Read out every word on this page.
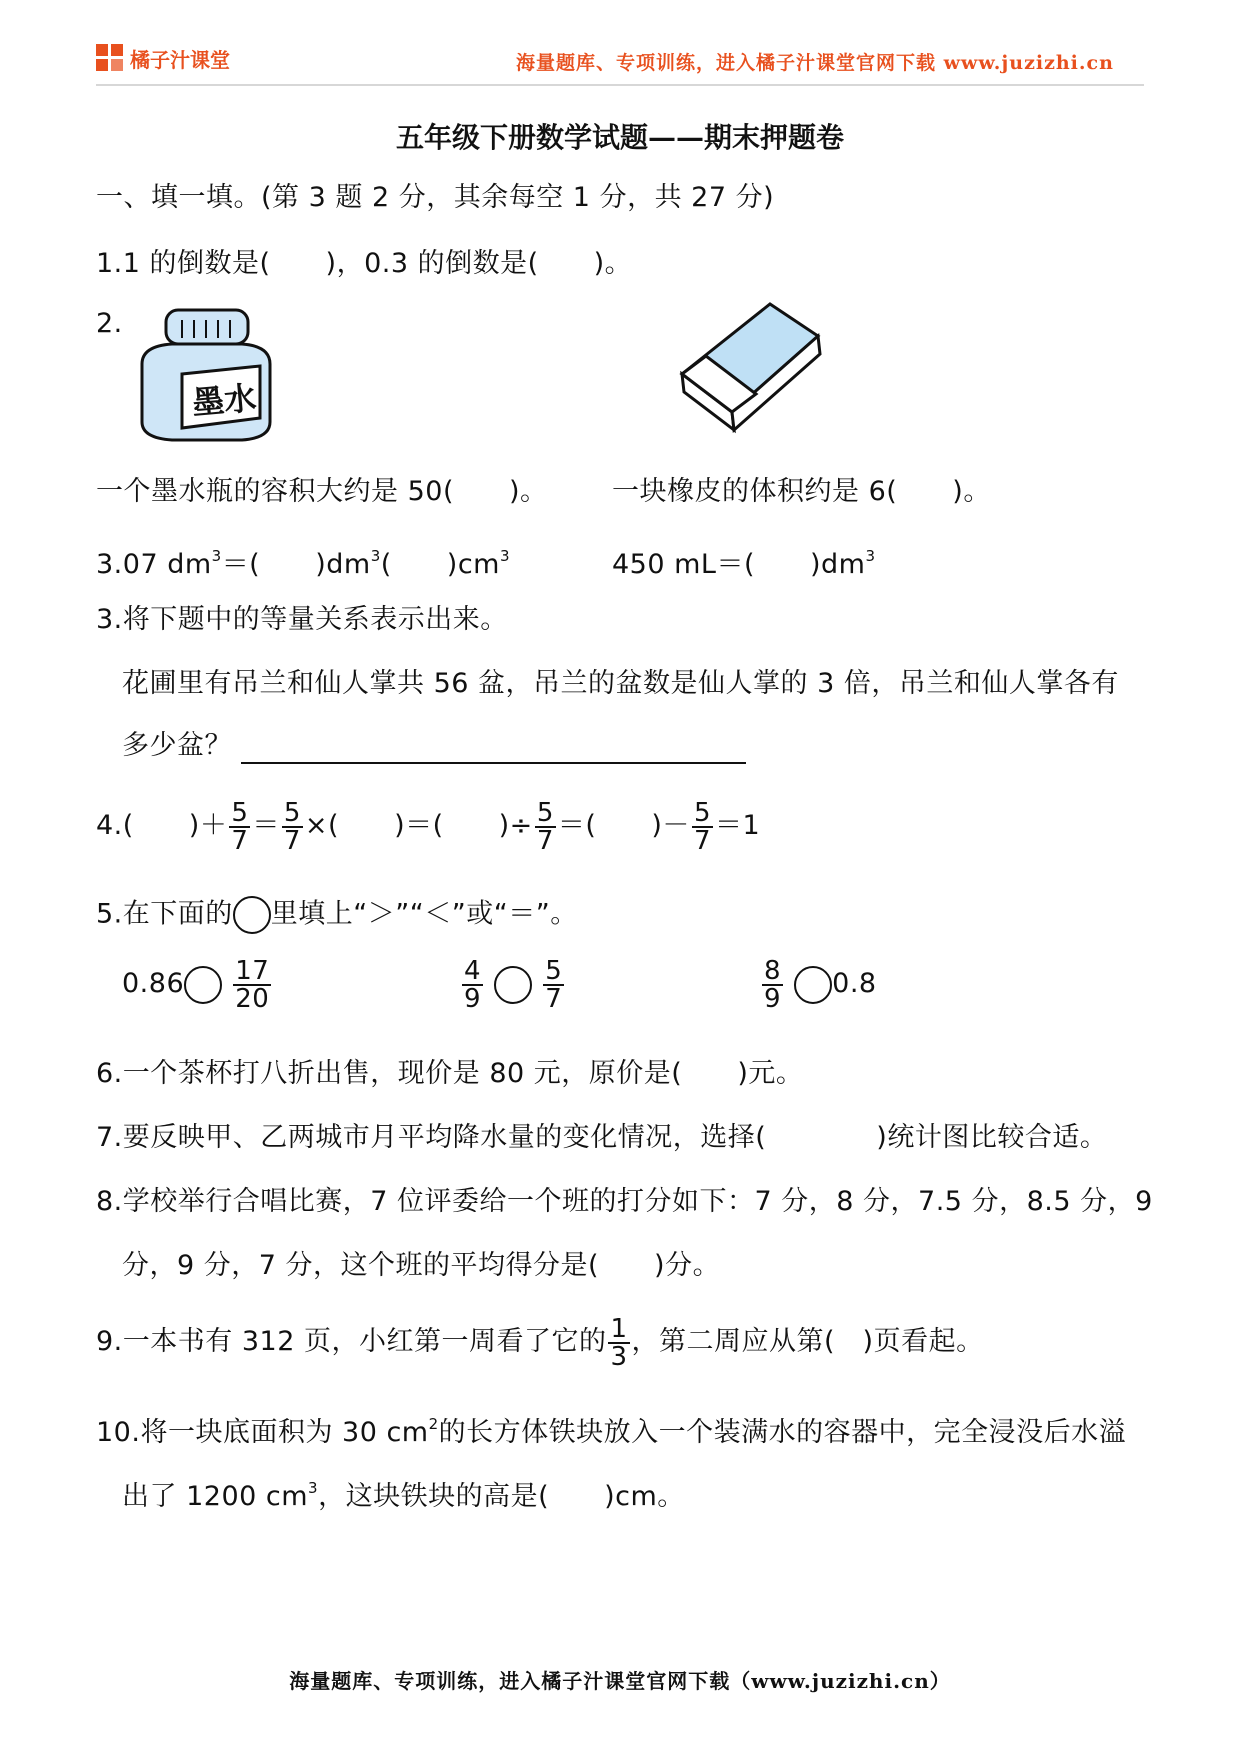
橘子汁课堂	海量题库、专项训练，进入橘子汁课堂官网下载 www.juzizhi.cn
五年级下册数学试题——期末押题卷
一、填一填。(第 3 题 2 分，其余每空 1 分，共 27 分)
1.1 的倒数是(　　)，0.3 的倒数是(　　)。
2.
墨水
一个墨水瓶的容积大约是 50(　　)。 一块橡皮的体积约是 6(　　)。
3.07 $dm^3=$(　　)$dm^3$(　　)$cm^3$	450 mL＝(　　)$dm^3$
3.将下题中的等量关系表示出来。
花圃里有吊兰和仙人掌共 56 盆，吊兰的盆数是仙人掌的 3 倍，吊兰和仙人掌各有
多少盆？
4.(　　)＋ $\frac{5}{7} = \frac{5}{7}$ ×(　　)＝(　　)÷ $\frac{5}{7}$ ＝(　　)－ $\frac{5}{7} =1$
5.在下面的 里填上“＞”“＜”或“＝”。
$0.86 \frac{17}{20}$	$\frac{4}{9}$
$\frac{5}{7}$	$\frac{8}{9} 0.8$
6.一个茶杯打八折出售，现价是 80 元，原价是(　　)元。
7.要反映甲、乙两城市月平均降水量的变化情况，选择(　　　　)统计图比较合适。
8.学校举行合唱比赛，7 位评委给一个班的打分如下：7 分，8 分，7.5 分，8.5 分，9
分，9 分，7 分，这个班的平均得分是(　　)分。
9.一本书有 312 页，小红第一周看了它的 $\frac{1}{3}$ ，第二周应从第(　)页看起。
10.将一块底面积为 30 $cm^2$的长方体铁块放入一个装满水的容器中，完全浸没后水溢
出了 1200 $cm^3$，这块铁块的高是(　　)cm。
海量题库、专项训练，进入橘子汁课堂官网下载（www.juzizhi.cn）
